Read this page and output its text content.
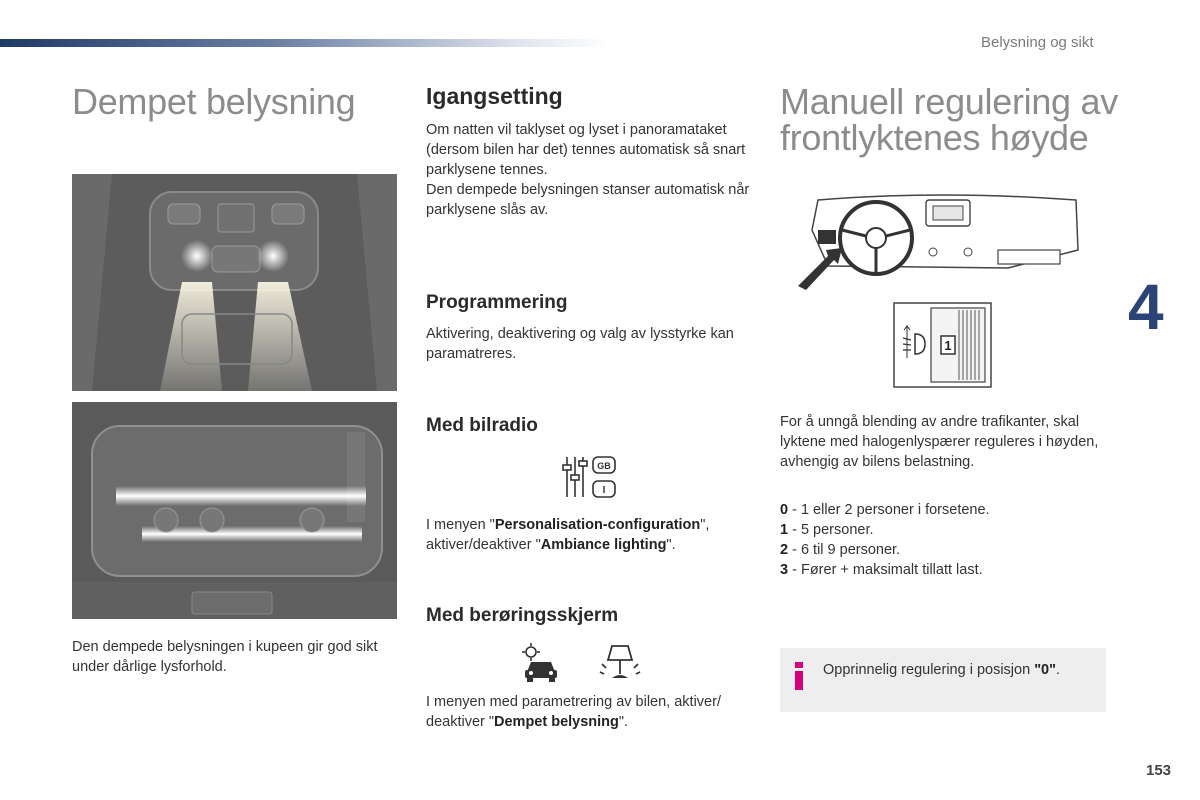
Belysning og sikt
Dempet belysning

Den dempede belysningen i kupeen gir god sikt under dårlige lysforhold.

Igangsetting

Om natten vil taklyset og lyset i panoramataket (dersom bilen har det) tennes automatisk så snart parklysene tennes.

Den dempede belysningen stanser automatisk når parklysene slås av.

Programmering

Aktivering, deaktivering og valg av lysstyrke kan paramatreres.

Med bilradio
GB
I

I menyen "Personalisation-configuration", aktiver/deaktiver "Ambiance lighting".

Med berøringsskjerm

I menyen med parametrering av bilen, aktiver/ deaktiver "Dempet belysning".

Manuell regulering av
frontlyktenes høyde
1
4

For å unngå blending av andre trafikanter, skal lyktene med halogenlyspærer reguleres i høyden, avhengig av bilens belastning.

0 - 1 eller 2 personer i forsetene.
1 - 5 personer.
2 - 6 til 9 personer.
3 - Fører + maksimalt tillatt last.

Opprinnelig regulering i posisjon "0".

153
